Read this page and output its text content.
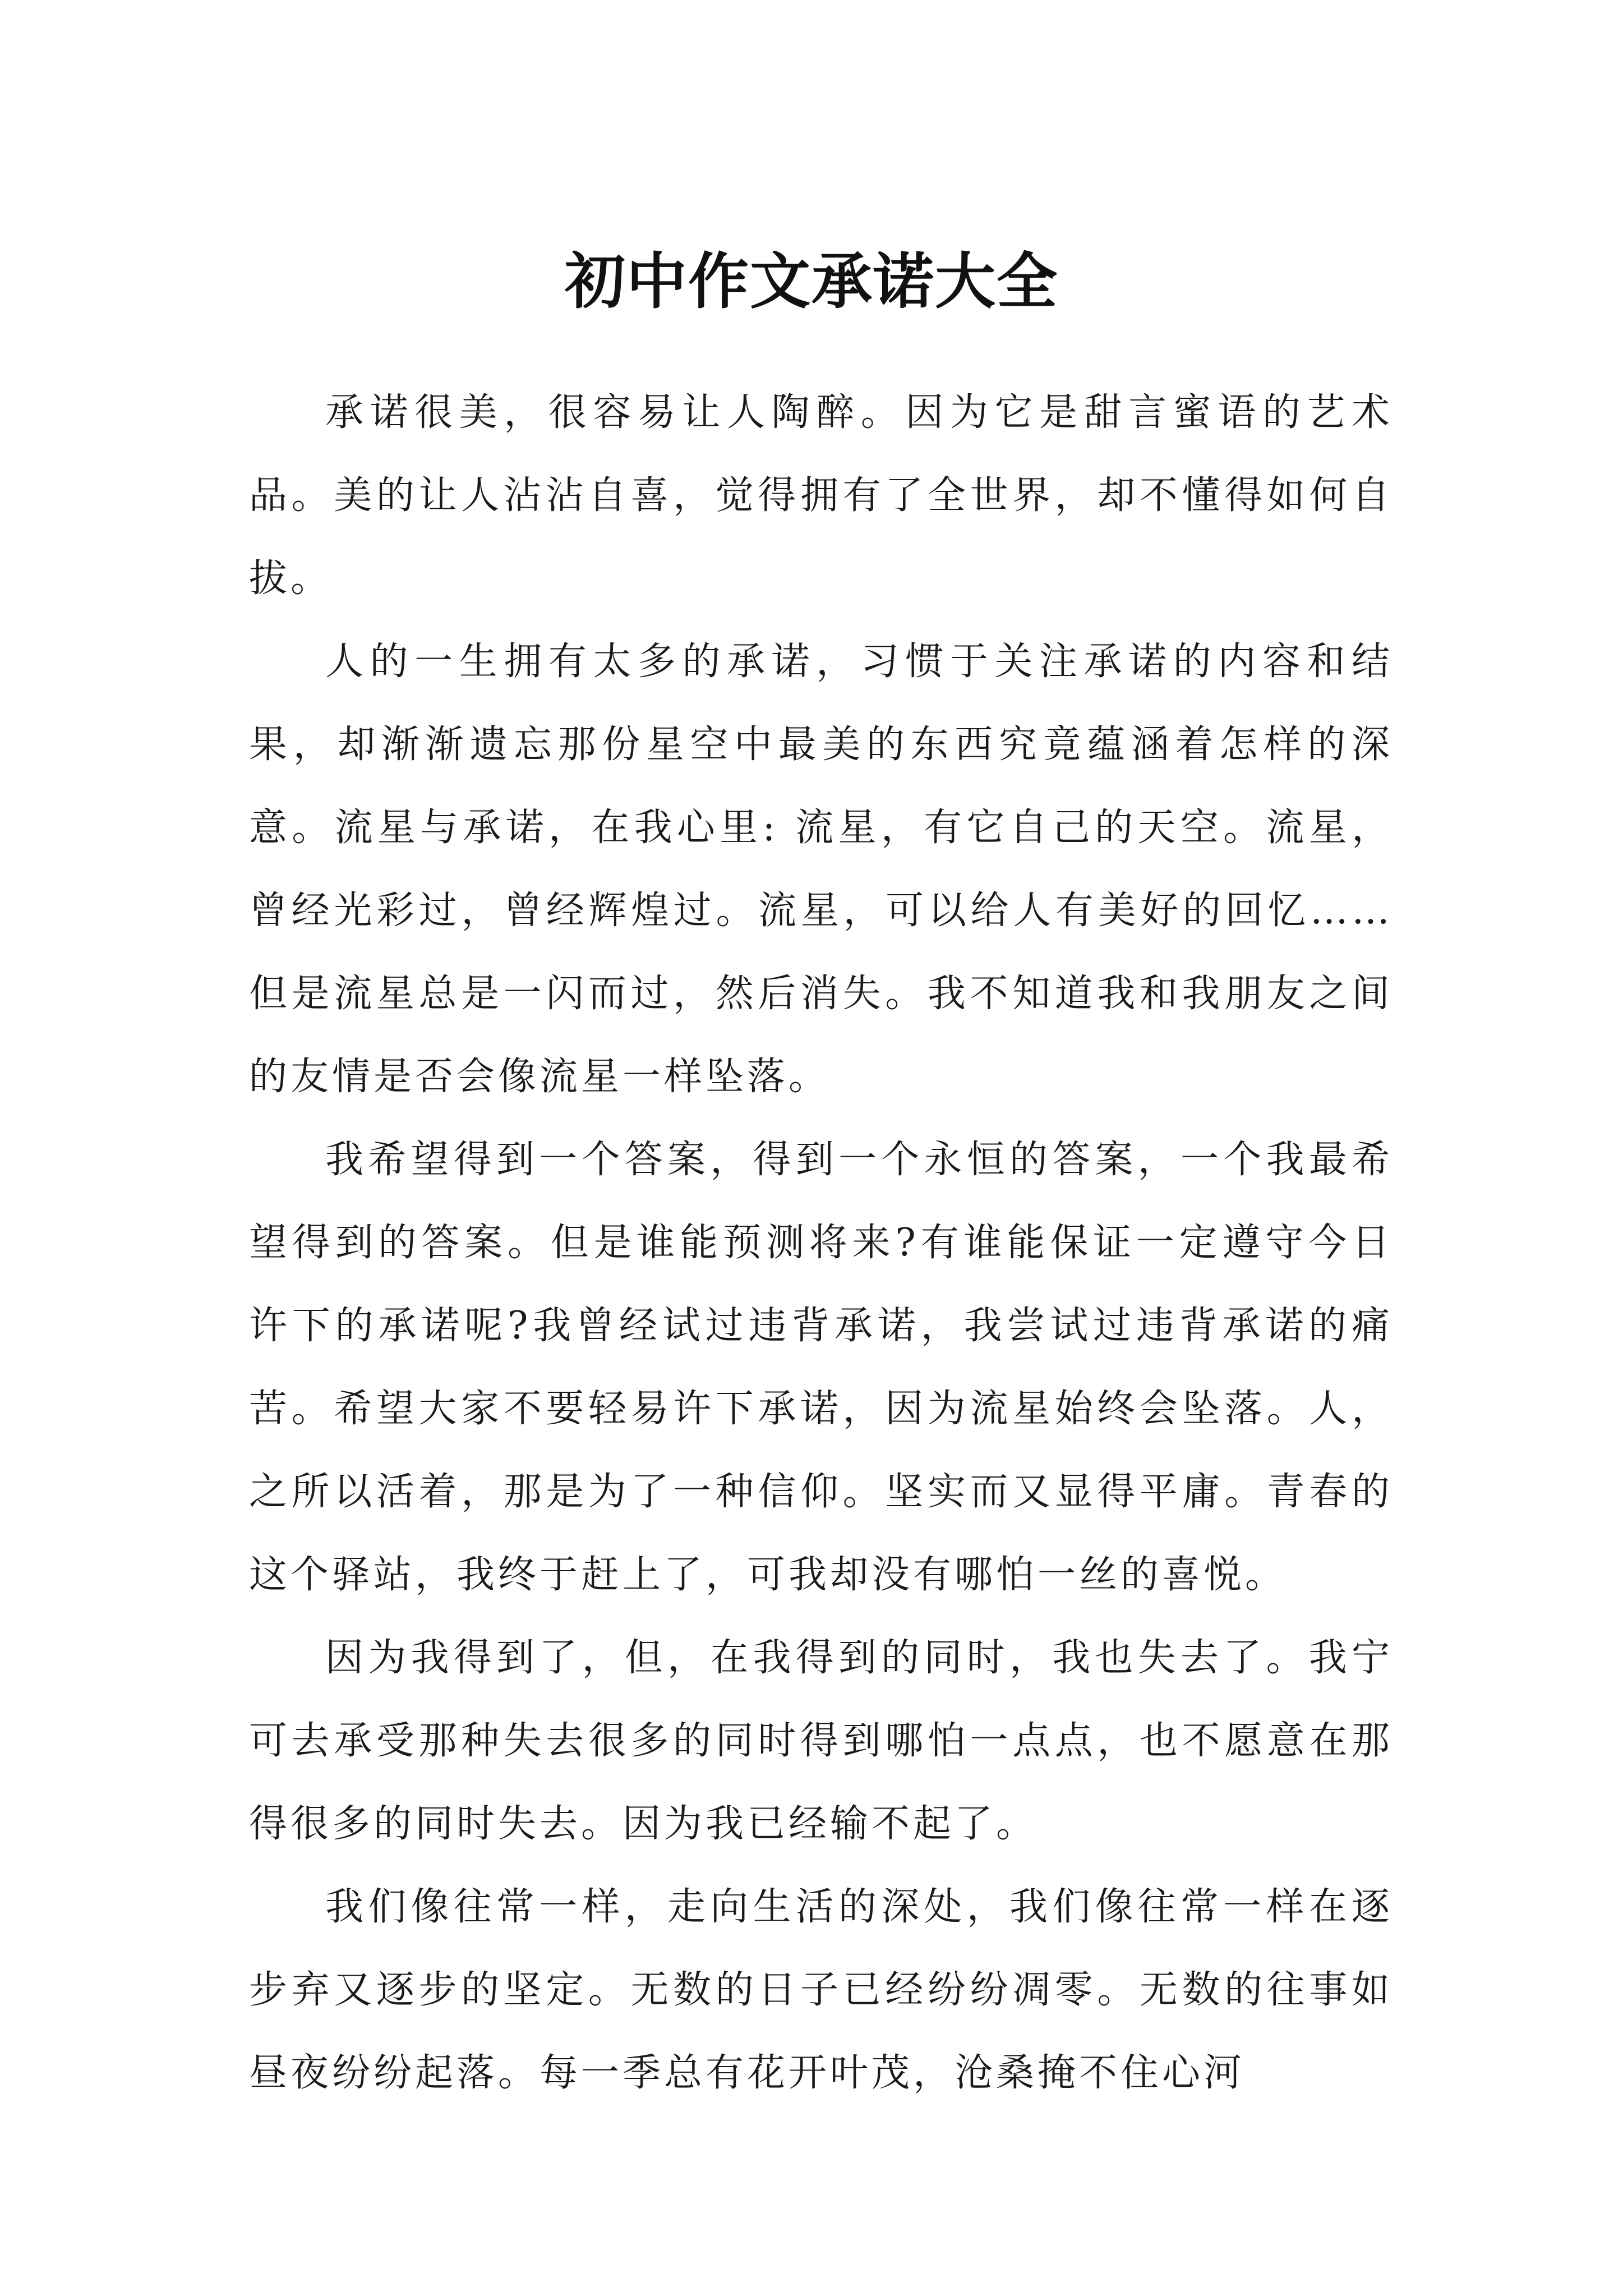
初中作文承诺大全

承诺很美，很容易让人陶醉。因为它是甜言蜜语的艺术品。美的让人沾沾自喜，觉得拥有了全世界，却不懂得如何自拔。

人的一生拥有太多的承诺，习惯于关注承诺的内容和结果，却渐渐遗忘那份星空中最美的东西究竟蕴涵着怎样的深意。流星与承诺，在我心里: 流星，有它自己的天空。流星，曾经光彩过，曾经辉煌过。流星，可以给人有美好的回忆……但是流星总是一闪而过，然后消失。我不知道我和我朋友之间的友情是否会像流星一样坠落。

我希望得到一个答案，得到一个永恒的答案，一个我最希望得到的答案。但是谁能预测将来?有谁能保证一定遵守今日许下的承诺呢?我曾经试过违背承诺，我尝试过违背承诺的痛苦。希望大家不要轻易许下承诺，因为流星始终会坠落。人，之所以活着，那是为了一种信仰。坚实而又显得平庸。青春的这个驿站，我终于赶上了，可我却没有哪怕一丝的喜悦。

因为我得到了，但，在我得到的同时，我也失去了。我宁可去承受那种失去很多的同时得到哪怕一点点，也不愿意在那得很多的同时失去。因为我已经输不起了。

我们像往常一样，走向生活的深处，我们像往常一样在逐步弃又逐步的坚定。无数的日子已经纷纷凋零。无数的往事如昼夜纷纷起落。每一季总有花开叶茂，沧桑掩不住心河
